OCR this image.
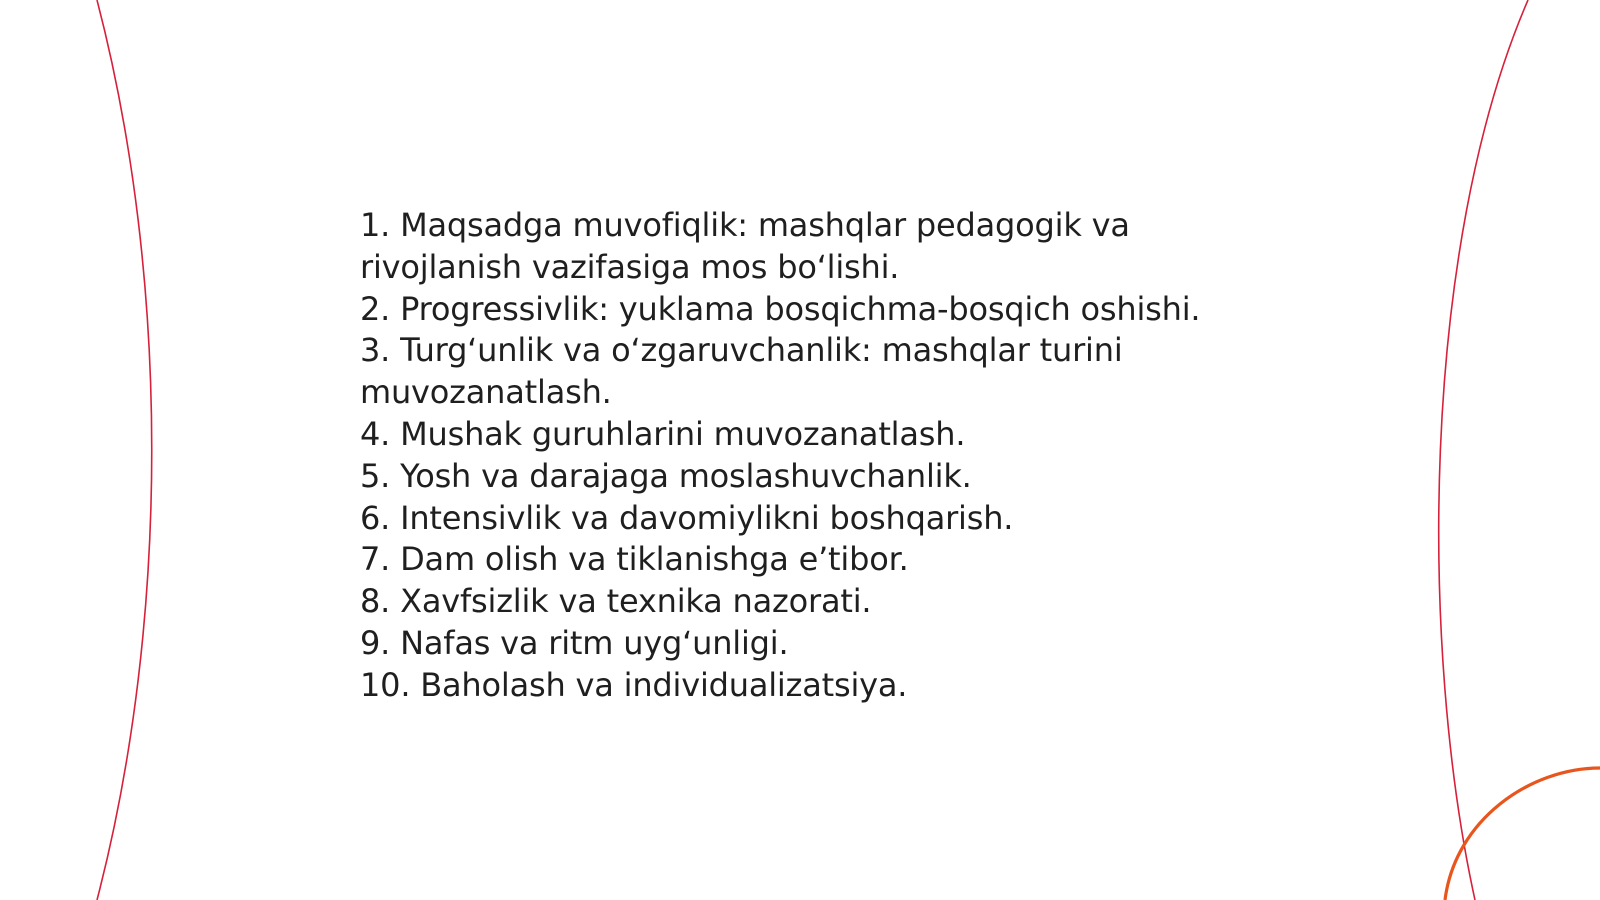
1. Maqsadga muvofiqlik: mashqlar pedagogik va rivojlanish vazifasiga mos bo‘lishi.

2. Progressivlik: yuklama bosqichma-bosqich oshishi.

3. Turg‘unlik va o‘zgaruvchanlik: mashqlar turini muvozanatlash.

4. Mushak guruhlarini muvozanatlash.

5. Yosh va darajaga moslashuvchanlik.

6. Intensivlik va davomiylikni boshqarish.

7. Dam olish va tiklanishga e’tibor.

8. Xavfsizlik va texnika nazorati.

9. Nafas va ritm uyg‘unligi.

10. Baholash va individualizatsiya.
